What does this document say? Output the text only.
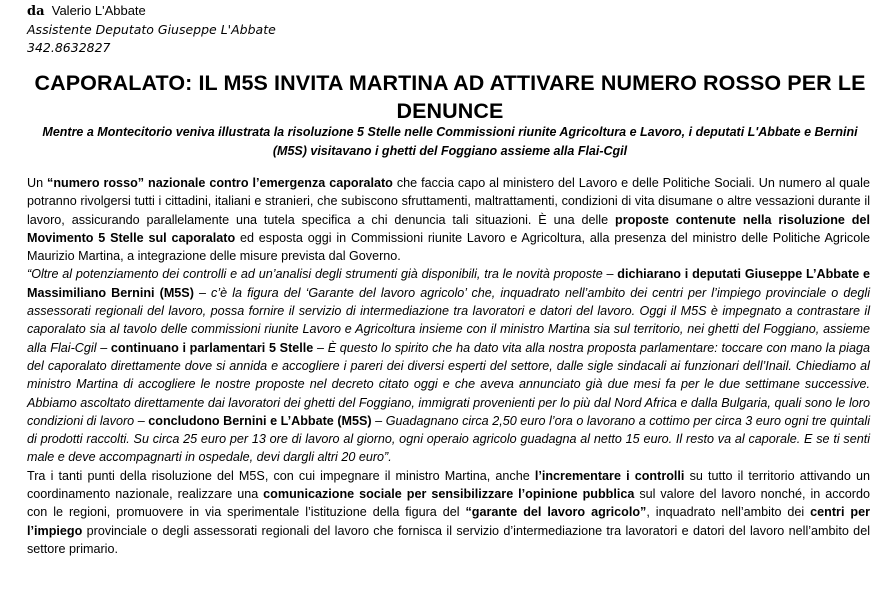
da Valerio L'Abbate
Assistente Deputato Giuseppe L'Abbate
342.8632827
CAPORALATO: IL M5S INVITA MARTINA AD ATTIVARE NUMERO ROSSO PER LE DENUNCE
Mentre a Montecitorio veniva illustrata la risoluzione 5 Stelle nelle Commissioni riunite Agricoltura e Lavoro, i deputati L'Abbate e Bernini (M5S) visitavano i ghetti del Foggiano assieme alla Flai-Cgil

Un “numero rosso” nazionale contro l’emergenza caporalato che faccia capo al ministero del Lavoro e delle Politiche Sociali. Un numero al quale potranno rivolgersi tutti i cittadini, italiani e stranieri, che subiscono sfruttamenti, maltrattamenti, condizioni di vita disumane o altre vessazioni durante il lavoro, assicurando parallelamente una tutela specifica a chi denuncia tali situazioni. È una delle proposte contenute nella risoluzione del Movimento 5 Stelle sul caporalato ed esposta oggi in Commissioni riunite Lavoro e Agricoltura, alla presenza del ministro delle Politiche Agricole Maurizio Martina, a integrazione delle misure prevista dal Governo.

“Oltre al potenziamento dei controlli e ad un’analisi degli strumenti già disponibili, tra le novità proposte – dichiarano i deputati Giuseppe L’Abbate e Massimiliano Bernini (M5S) – c’è la figura del ‘Garante del lavoro agricolo’ che, inquadrato nell’ambito dei centri per l’impiego provinciale o degli assessorati regionali del lavoro, possa fornire il servizio di intermediazione tra lavoratori e datori del lavoro. Oggi il M5S è impegnato a contrastare il caporalato sia al tavolo delle commissioni riunite Lavoro e Agricoltura insieme con il ministro Martina sia sul territorio, nei ghetti del Foggiano, assieme alla Flai-Cgil – continuano i parlamentari 5 Stelle – È questo lo spirito che ha dato vita alla nostra proposta parlamentare: toccare con mano la piaga del caporalato direttamente dove si annida e accogliere i pareri dei diversi esperti del settore, dalle sigle sindacali ai funzionari dell’Inail. Chiediamo al ministro Martina di accogliere le nostre proposte nel decreto citato oggi e che aveva annunciato già due mesi fa per le due settimane successive. Abbiamo ascoltato direttamente dai lavoratori dei ghetti del Foggiano, immigrati provenienti per lo più dal Nord Africa e dalla Bulgaria, quali sono le loro condizioni di lavoro – concludono Bernini e L’Abbate (M5S) – Guadagnano circa 2,50 euro l’ora o lavorano a cottimo per circa 3 euro ogni tre quintali di prodotti raccolti. Su circa 25 euro per 13 ore di lavoro al giorno, ogni operaio agricolo guadagna al netto 15 euro. Il resto va al caporale. E se ti senti male e deve accompagnarti in ospedale, devi dargli altri 20 euro”.

Tra i tanti punti della risoluzione del M5S, con cui impegnare il ministro Martina, anche l’incrementare i controlli su tutto il territorio attivando un coordinamento nazionale, realizzare una comunicazione sociale per sensibilizzare l’opinione pubblica sul valore del lavoro nonché, in accordo con le regioni, promuovere in via sperimentale l’istituzione della figura del “garante del lavoro agricolo”, inquadrato nell’ambito dei centri per l’impiego provinciale o degli assessorati regionali del lavoro che fornisca il servizio d’intermediazione tra lavoratori e datori del lavoro nell’ambito del settore primario.
